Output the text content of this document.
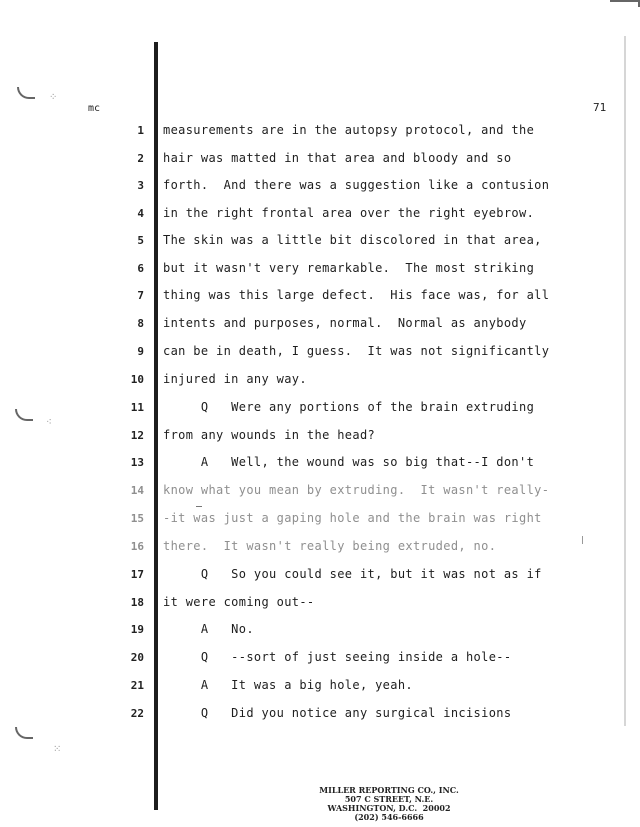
⁘
⁖
⁙
mc	71
1 measurements are in the autopsy protocol, and the
2 hair was matted in that area and bloody and so
3 forth.  And there was a suggestion like a contusion
4 in the right frontal area over the right eyebrow.
5 The skin was a little bit discolored in that area,
6 but it wasn't very remarkable.  The most striking
7 thing was this large defect.  His face was, for all
8 intents and purposes, normal.  Normal as anybody
9 can be in death, I guess.  It was not significantly
10 injured in any way.
11 Q   Were any portions of the brain extruding
12 from any wounds in the head?
13 A   Well, the wound was so big that--I don't
14 know what you mean by extruding.  It wasn't really-
15 -it was just a gaping hole and the brain was right
16 there.  It wasn't really being extruded, no.
17 Q   So you could see it, but it was not as if
18 it were coming out--
19 A   No.
20 Q   --sort of just seeing inside a hole--
21 A   It was a big hole, yeah.
22 Q   Did you notice any surgical incisions
MILLER REPORTING CO., INC.
507 C STREET, N.E.
WASHINGTON, D.C.  20002
(202) 546-6666
